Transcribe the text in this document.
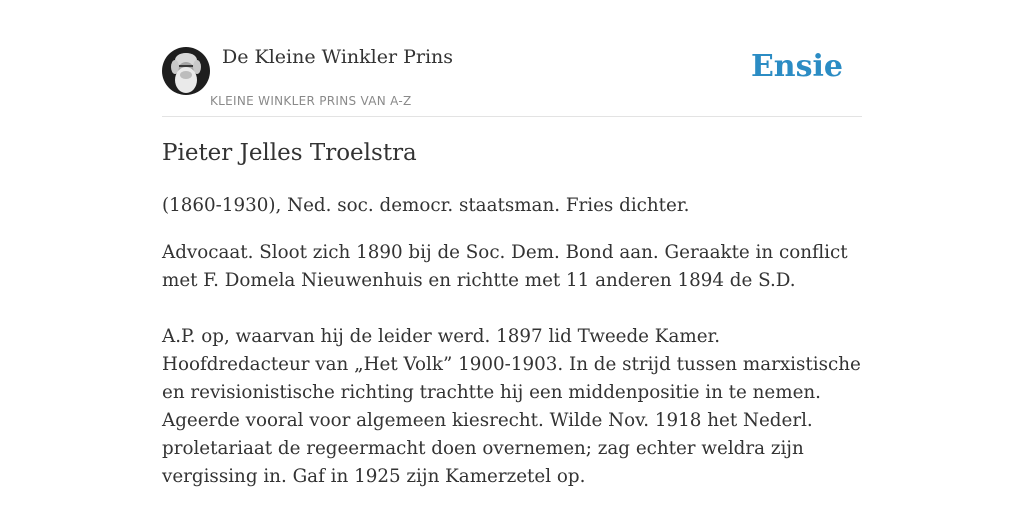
De Kleine Winkler Prins
KLEINE WINKLER PRINS VAN A-Z
Ensie
Pieter Jelles Troelstra

(1860-1930), Ned. soc. democr. staatsman. Fries dichter.

Advocaat. Sloot zich 1890 bij de Soc. Dem. Bond aan. Geraakte in conflict met F. Domela Nieuwenhuis en richtte met 11 anderen 1894 de S.D.

A.P. op, waarvan hij de leider werd. 1897 lid Tweede Kamer. Hoofdredacteur van „Het Volk” 1900-1903. In de strijd tussen marxistische en revisionistische richting trachtte hij een middenpositie in te nemen. Ageerde vooral voor algemeen kiesrecht. Wilde Nov. 1918 het Nederl. proletariaat de regeermacht doen overnemen; zag echter weldra zijn vergissing in. Gaf in 1925 zijn Kamerzetel op.
